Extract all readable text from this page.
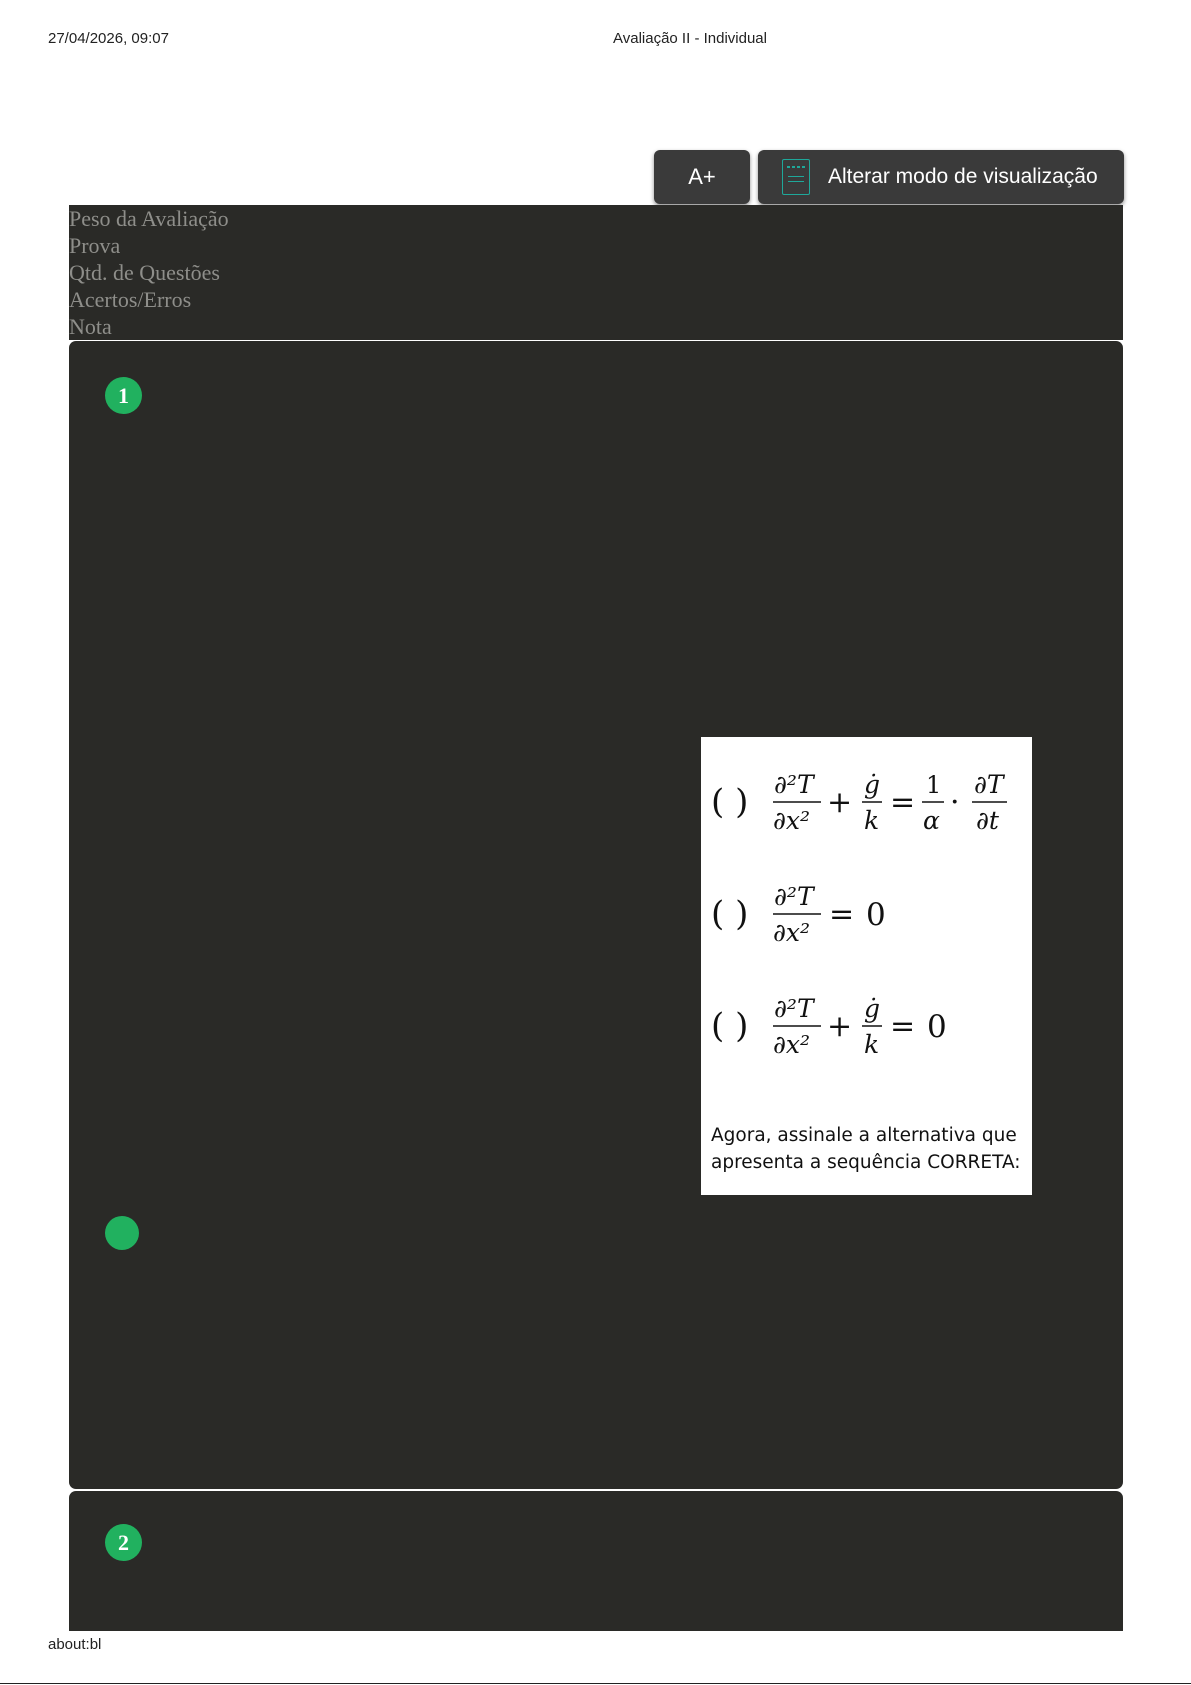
27/04/2026, 09:07	Avaliação II - Individual
A+	Alterar modo de visualização
Peso da Avaliação
Prova
Qtd. de Questões
Acertos/Erros
Nota
1
( ) ∂²T
∂x²
+
ġ
k
= 1
α
·
∂T
∂t
( ) ∂²T
∂x²
= 0
( ) ∂²T
∂x²
+
ġ
k
= 0
Agora, assinale a alternativa que apresenta a sequência CORRETA:
2
about:bl
